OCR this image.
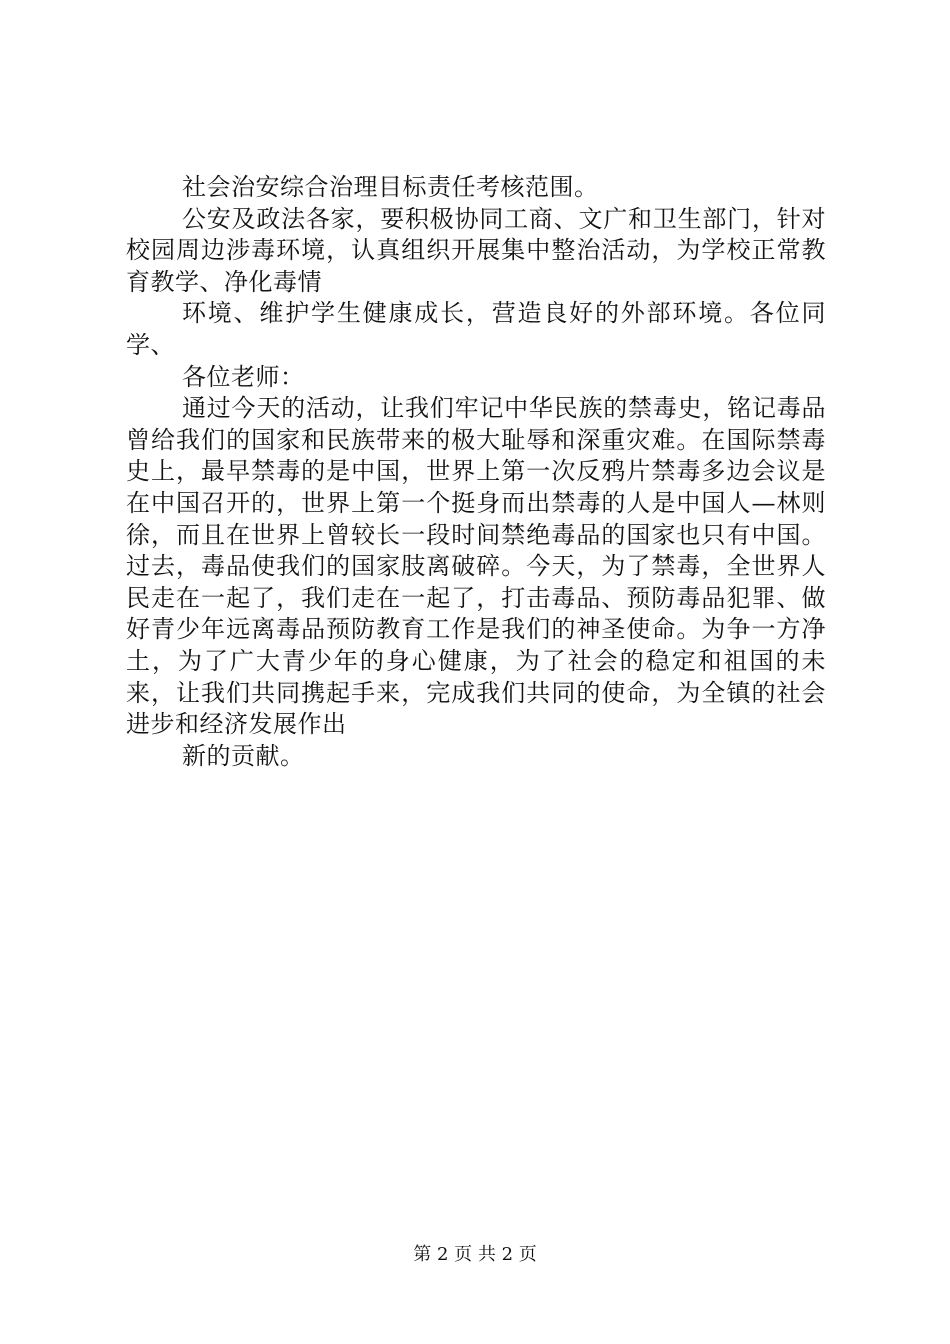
社会治安综合治理目标责任考核范围。

公安及政法各家，要积极协同工商、文广和卫生部门，针对校园周边涉毒环境，认真组织开展集中整治活动，为学校正常教育教学、净化毒情

环境、维护学生健康成长，营造良好的外部环境。各位同学、

各位老师：

通过今天的活动，让我们牢记中华民族的禁毒史，铭记毒品曾给我们的国家和民族带来的极大耻辱和深重灾难。在国际禁毒史上，最早禁毒的是中国，世界上第一次反鸦片禁毒多边会议是在中国召开的，世界上第一个挺身而出禁毒的人是中国人—林则徐，而且在世界上曾较长一段时间禁绝毒品的国家也只有中国。过去，毒品使我们的国家肢离破碎。今天，为了禁毒，全世界人民走在一起了，我们走在一起了，打击毒品、预防毒品犯罪、做好青少年远离毒品预防教育工作是我们的神圣使命。为争一方净土，为了广大青少年的身心健康，为了社会的稳定和祖国的未来，让我们共同携起手来，完成我们共同的使命，为全镇的社会进步和经济发展作出

新的贡献。

第 2 页 共 2 页
